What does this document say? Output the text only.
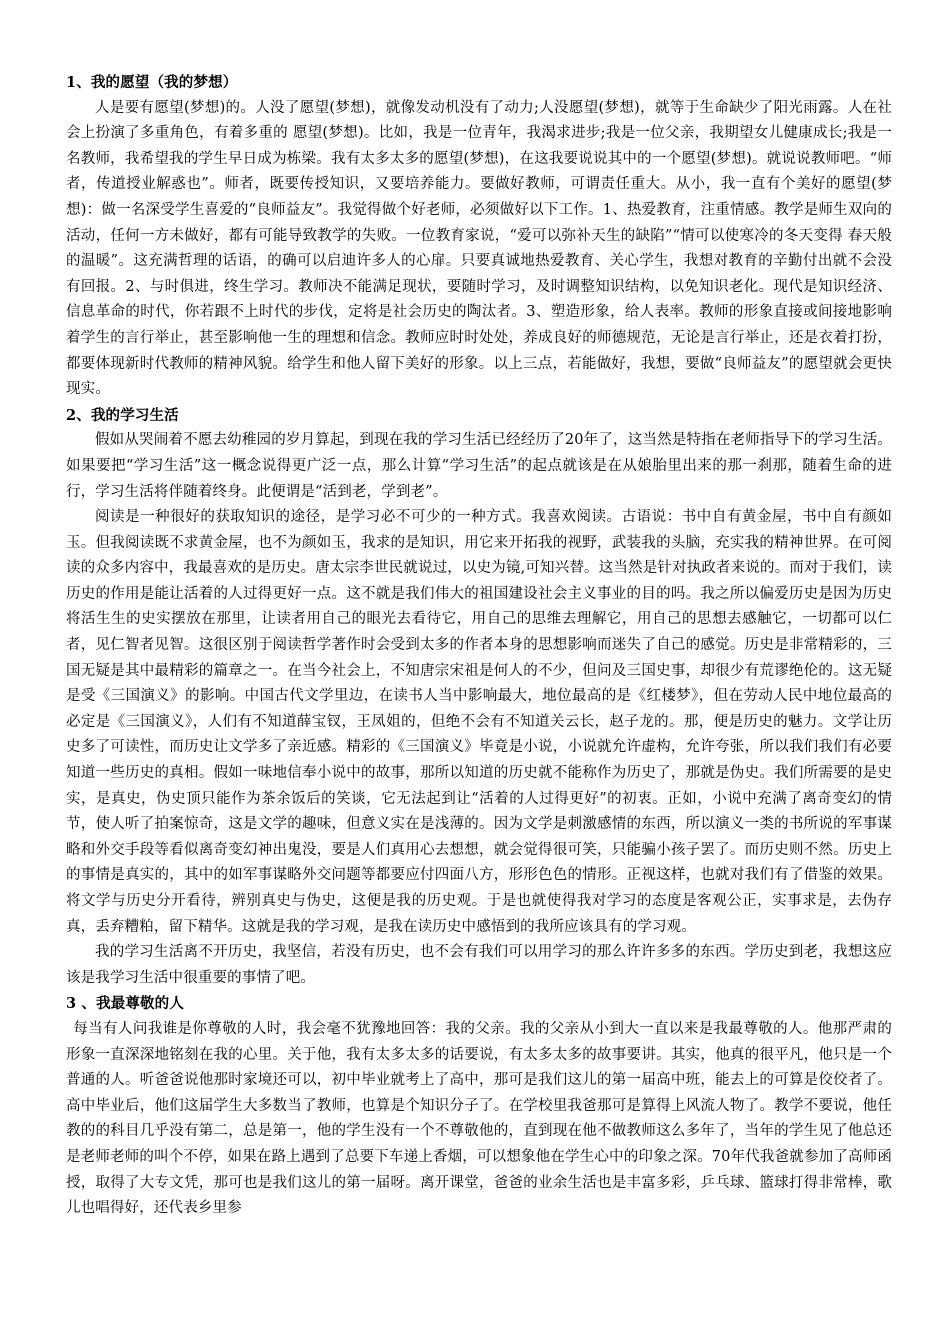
1、我的愿望（我的梦想）

人是要有愿望(梦想)的。人没了愿望(梦想)，就像发动机没有了动力;人没愿望(梦想)，就等于生命缺少了阳光雨露。人在社会上扮演了多重角色，有着多重的 愿望(梦想)。比如，我是一位青年，我渴求进步;我是一位父亲，我期望女儿健康成长;我是一名教师，我希望我的学生早日成为栋梁。我有太多太多的愿望(梦想)，在这我要说说其中的一个愿望(梦想)。就说说教师吧。“师者，传道授业解惑也”。师者，既要传授知识，又要培养能力。要做好教师，可谓责任重大。从小，我一直有个美好的愿望(梦想)：做一名深受学生喜爱的“良师益友”。我觉得做个好老师，必须做好以下工作。1、热爱教育，注重情感。教学是师生双向的活动，任何一方未做好，都有可能导致教学的失败。一位教育家说，“爱可以弥补天生的缺陷”“情可以使寒冷的冬天变得 春天般的温暖”。这充满哲理的话语，的确可以启迪许多人的心扉。只要真诚地热爱教育、关心学生，我想对教育的辛勤付出就不会没有回报。2、与时俱进，终生学习。教师决不能满足现状，要随时学习，及时调整知识结构，以免知识老化。现代是知识经济、信息革命的时代，你若跟不上时代的步伐，定将是社会历史的陶汰者。3、塑造形象，给人表率。教师的形象直接或间接地影响着学生的言行举止，甚至影响他一生的理想和信念。教师应时时处处，养成良好的师德规范，无论是言行举止，还是衣着打扮，都要体现新时代教师的精神风貌。给学生和他人留下美好的形象。以上三点，若能做好，我想，要做“良师益友”的愿望就会更快现实。

2、我的学习生活

假如从哭闹着不愿去幼稚园的岁月算起，到现在我的学习生活已经经历了20年了，这当然是特指在老师指导下的学习生活。如果要把“学习生活”这一概念说得更广泛一点，那么计算“学习生活”的起点就该是在从娘胎里出来的那一刹那，随着生命的进行，学习生活将伴随着终身。此便谓是“活到老，学到老”。

阅读是一种很好的获取知识的途径，是学习必不可少的一种方式。我喜欢阅读。古语说：书中自有黄金屋，书中自有颜如玉。但我阅读既不求黄金屋，也不为颜如玉，我求的是知识，用它来开拓我的视野，武装我的头脑，充实我的精神世界。在可阅读的众多内容中，我最喜欢的是历史。唐太宗李世民就说过，以史为镜,可知兴替。这当然是针对执政者来说的。而对于我们，读历史的作用是能让活着的人过得更好一点。这不就是我们伟大的祖国建设社会主义事业的目的吗。我之所以偏爱历史是因为历史将活生生的史实摆放在那里，让读者用自己的眼光去看待它，用自己的思维去理解它，用自己的思想去感触它，一切都可以仁者，见仁智者见智。这很区别于阅读哲学著作时会受到太多的作者本身的思想影响而迷失了自己的感觉。历史是非常精彩的，三国无疑是其中最精彩的篇章之一。在当今社会上，不知唐宗宋祖是何人的不少，但问及三国史事，却很少有荒谬绝伦的。这无疑是受《三国演义》的影响。中国古代文学里边，在读书人当中影响最大，地位最高的是《红楼梦》，但在劳动人民中地位最高的必定是《三国演义》，人们有不知道薛宝钗，王凤姐的，但绝不会有不知道关云长，赵子龙的。那，便是历史的魅力。文学让历史多了可读性，而历史让文学多了亲近感。精彩的《三国演义》毕竟是小说，小说就允许虚构，允许夸张，所以我们我们有必要知道一些历史的真相。假如一味地信奉小说中的故事，那所以知道的历史就不能称作为历史了，那就是伪史。我们所需要的是史实，是真史，伪史顶只能作为茶余饭后的笑谈，它无法起到让“活着的人过得更好”的初衷。正如，小说中充满了离奇变幻的情节，使人听了拍案惊奇，这是文学的趣味，但意义实在是浅薄的。因为文学是刺激感情的东西，所以演义一类的书所说的军事谋略和外交手段等看似离奇变幻神出鬼没，要是人们真用心去想想，就会觉得很可笑，只能骗小孩子罢了。而历史则不然。历史上的事情是真实的，其中的如军事谋略外交问题等都要应付四面八方，形形色色的情形。正视这样，也就对我们有了借鉴的效果。将文学与历史分开看待，辨别真史与伪史，这便是我的历史观。于是也就使得我对学习的态度是客观公正，实事求是，去伪存真，丢弃糟粕，留下精华。这就是我的学习观，是我在读历史中感悟到的我所应该具有的学习观。

我的学习生活离不开历史，我坚信，若没有历史，也不会有我们可以用学习的那么许许多多的东西。学历史到老，我想这应该是我学习生活中很重要的事情了吧。

3 、我最尊敬的人

每当有人问我谁是你尊敬的人时，我会毫不犹豫地回答：我的父亲。我的父亲从小到大一直以来是我最尊敬的人。他那严肃的形象一直深深地铭刻在我的心里。关于他，我有太多太多的话要说，有太多太多的故事要讲。其实，他真的很平凡，他只是一个普通的人。听爸爸说他那时家境还可以，初中毕业就考上了高中，那可是我们这儿的第一届高中班，能去上的可算是佼佼者了。高中毕业后，他们这届学生大多数当了教师，也算是个知识分子了。在学校里我爸那可是算得上风流人物了。教学不要说，他任教的的科目几乎没有第二，总是第一，他的学生没有一个不尊敬他的，直到现在他不做教师这么多年了，当年的学生见了他总还是老师老师的叫个不停，如果在路上遇到了总要下车递上香烟，可以想象他在学生心中的印象之深。70年代我爸就参加了高师函授，取得了大专文凭，那可也是我们这儿的第一届呀。离开课堂，爸爸的业余生活也是丰富多彩，乒乓球、篮球打得非常棒，歌儿也唱得好，还代表乡里参
